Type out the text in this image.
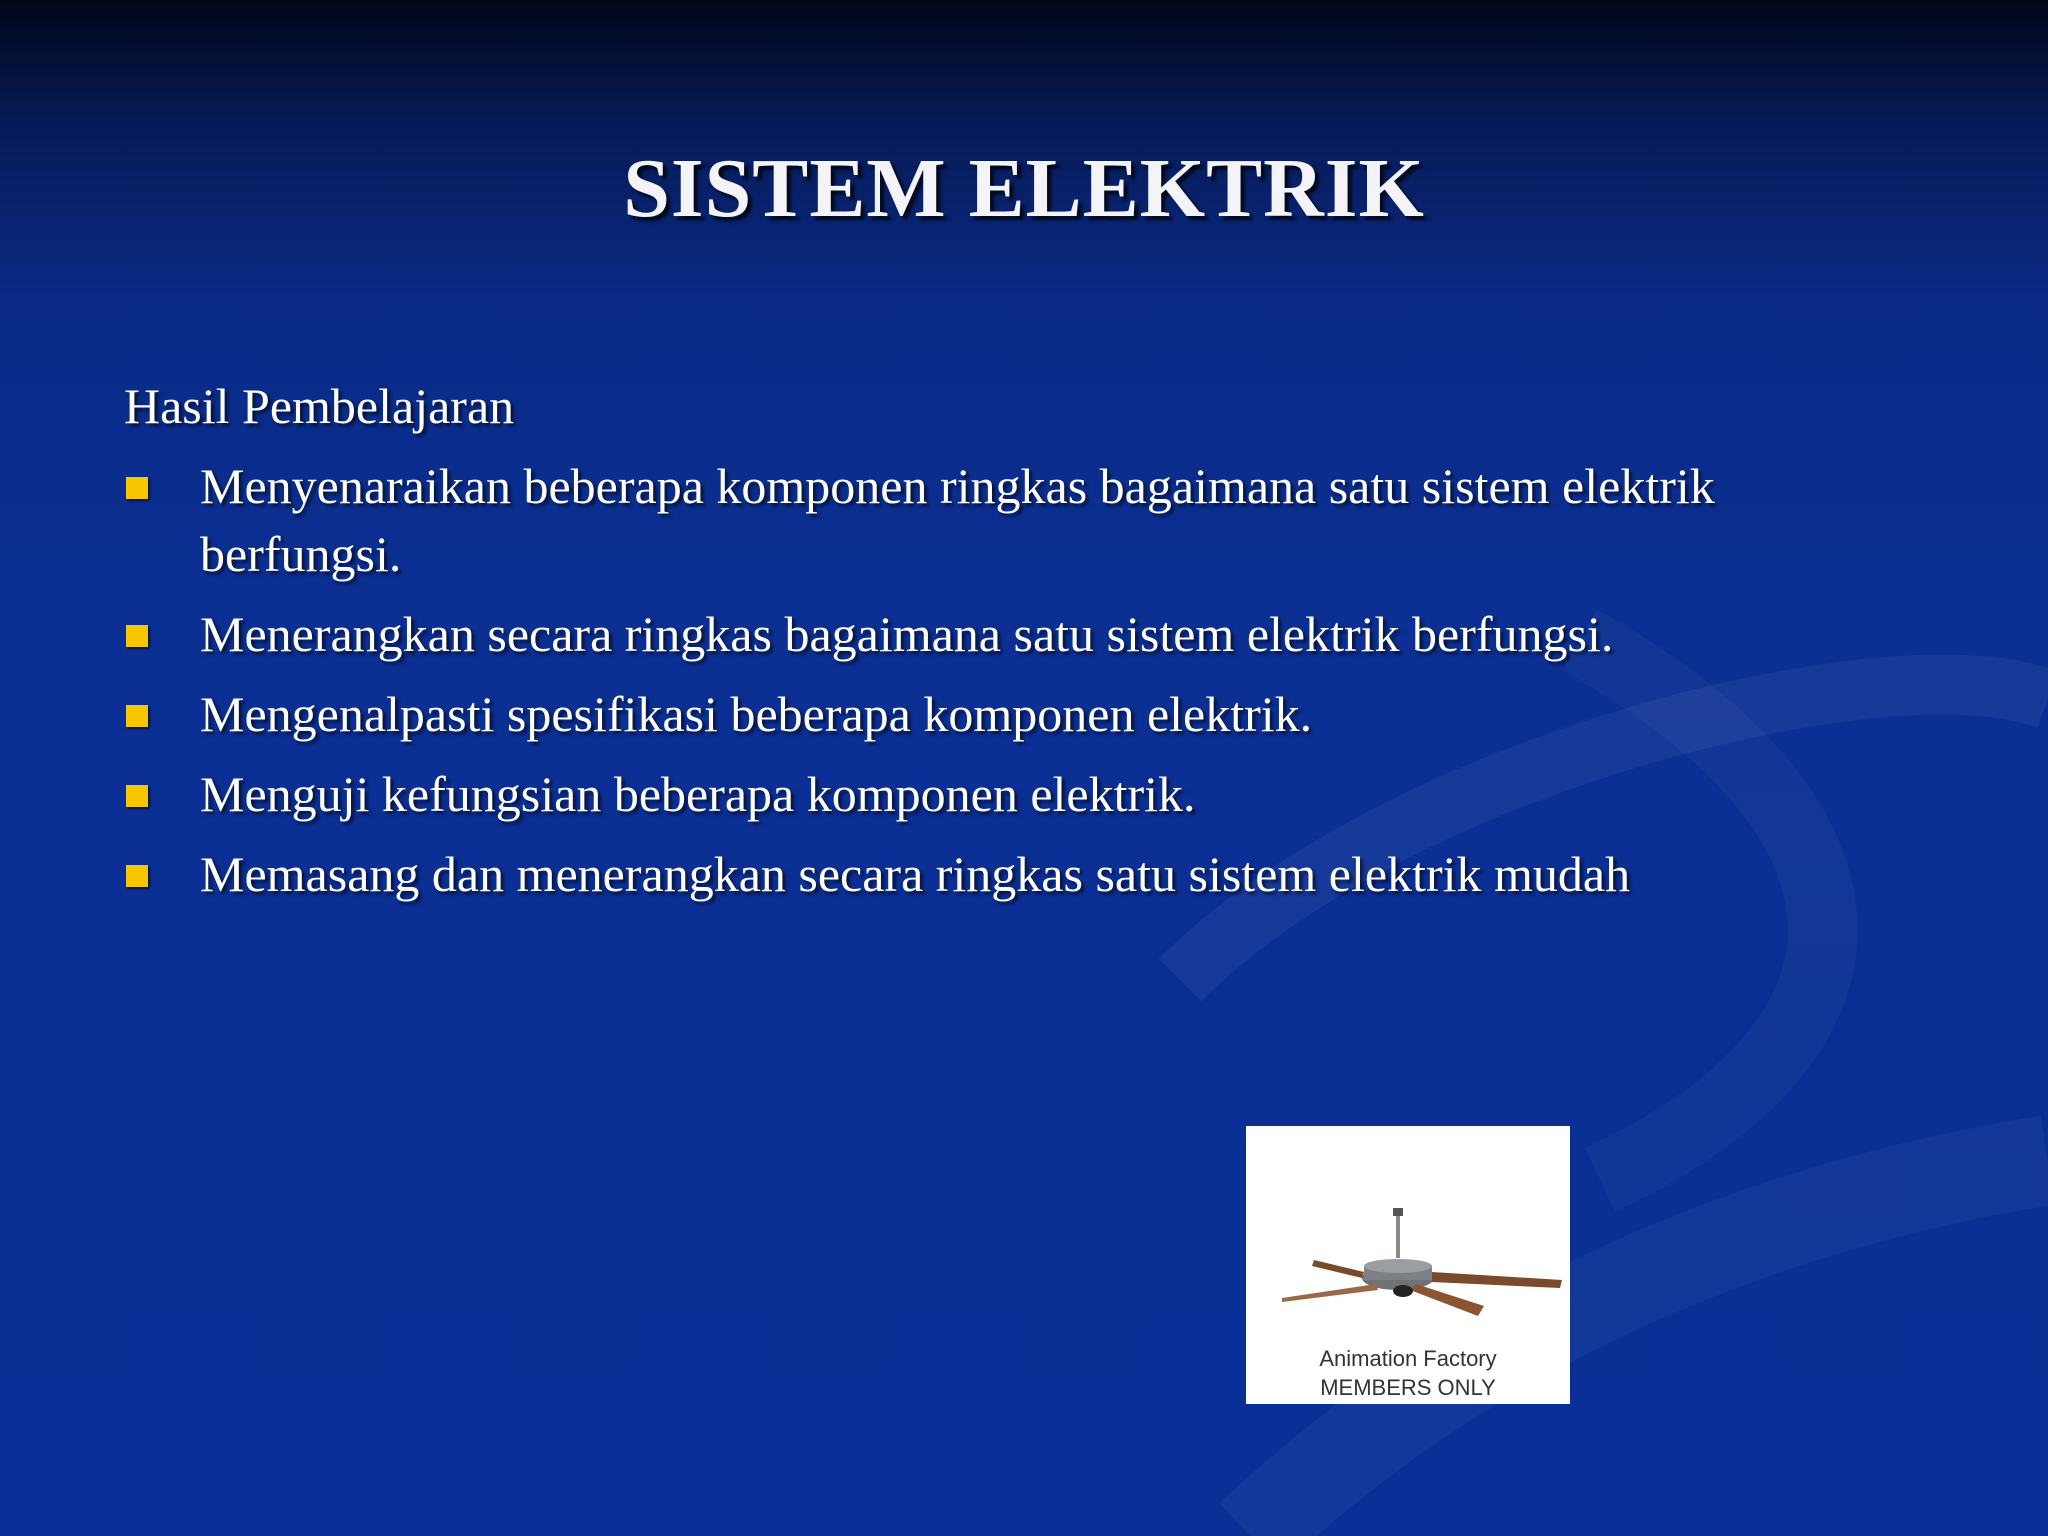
SISTEM ELEKTRIK
Hasil Pembelajaran
Menyenaraikan beberapa komponen ringkas bagaimana satu sistem elektrik berfungsi.
Menerangkan secara ringkas bagaimana satu sistem elektrik berfungsi.
Mengenalpasti spesifikasi beberapa komponen elektrik.
Menguji kefungsian beberapa komponen elektrik.
Memasang dan menerangkan secara ringkas satu sistem elektrik mudah
Animation Factory
MEMBERS ONLY
